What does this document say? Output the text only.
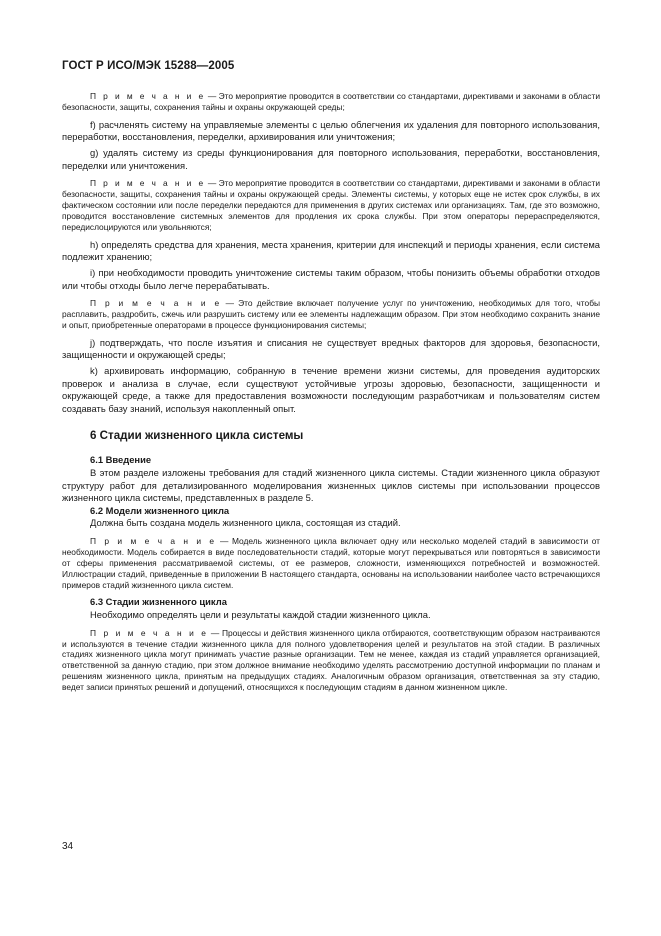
ГОСТ Р ИСО/МЭК 15288—2005

П р и м е ч а н и е — Это мероприятие проводится в соответствии со стандартами, директивами и законами в области безопасности, защиты, сохранения тайны и охраны окружающей среды;

f) расчленять систему на управляемые элементы с целью облегчения их удаления для повторного использования, переработки, восстановления, переделки, архивирования или уничтожения;

g) удалять систему из среды функционирования для повторного использования, переработки, восстановления, переделки или уничтожения.

П р и м е ч а н и е — Это мероприятие проводится в соответствии со стандартами, директивами и законами в области безопасности, защиты, сохранения тайны и охраны окружающей среды. Элементы системы, у которых еще не истек срок службы, в их фактическом состоянии или после переделки передаются для применения в других системах или организациях. Там, где это возможно, проводится восстановление системных элементов для продления их срока службы. При этом операторы перераспределяются, передислоцируются или увольняются;

h) определять средства для хранения, места хранения, критерии для инспекций и периоды хранения, если система подлежит хранению;

i) при необходимости проводить уничтожение системы таким образом, чтобы понизить объемы обработки отходов или чтобы отходы было легче перерабатывать.

П р и м е ч а н и е — Это действие включает получение услуг по уничтожению, необходимых для того, чтобы расплавить, раздробить, сжечь или разрушить систему или ее элементы надлежащим образом. При этом необходимо сохранить знание и опыт, приобретенные операторами в процессе функционирования системы;

j) подтверждать, что после изъятия и списания не существует вредных факторов для здоровья, безопасности, защищенности и окружающей среды;

k) архивировать информацию, собранную в течение времени жизни системы, для проведения аудиторских проверок и анализа в случае, если существуют устойчивые угрозы здоровью, безопасности, защищенности и окружающей среде, а также для предоставления возможности последующим разработчикам и пользователям систем создавать базу знаний, используя накопленный опыт.

6 Стадии жизненного цикла системы

6.1 Введение

В этом разделе изложены требования для стадий жизненного цикла системы. Стадии жизненного цикла образуют структуру работ для детализированного моделирования жизненных циклов системы при использовании процессов жизненного цикла системы, представленных в разделе 5.

6.2 Модели жизненного цикла

Должна быть создана модель жизненного цикла, состоящая из стадий.

П р и м е ч а н и е — Модель жизненного цикла включает одну или несколько моделей стадий в зависимости от необходимости. Модель собирается в виде последовательности стадий, которые могут перекрываться или повторяться в зависимости от сферы применения рассматриваемой системы, от ее размеров, сложности, изменяющихся потребностей и возможностей. Иллюстрации стадий, приведенные в приложении В настоящего стандарта, основаны на использовании наиболее часто встречающихся примеров стадий жизненного цикла систем.

6.3 Стадии жизненного цикла

Необходимо определять цели и результаты каждой стадии жизненного цикла.

П р и м е ч а н и е — Процессы и действия жизненного цикла отбираются, соответствующим образом настраиваются и используются в течение стадии жизненного цикла для полного удовлетворения целей и результатов на этой стадии. В различных стадиях жизненного цикла могут принимать участие разные организации. Тем не менее, каждая из стадий управляется организацией, ответственной за данную стадию, при этом должное внимание необходимо уделять рассмотрению доступной информации по планам и решениям жизненного цикла, принятым на предыдущих стадиях. Аналогичным образом организация, ответственная за эту стадию, ведет записи принятых решений и допущений, относящихся к последующим стадиям в данном жизненном цикле.

34
